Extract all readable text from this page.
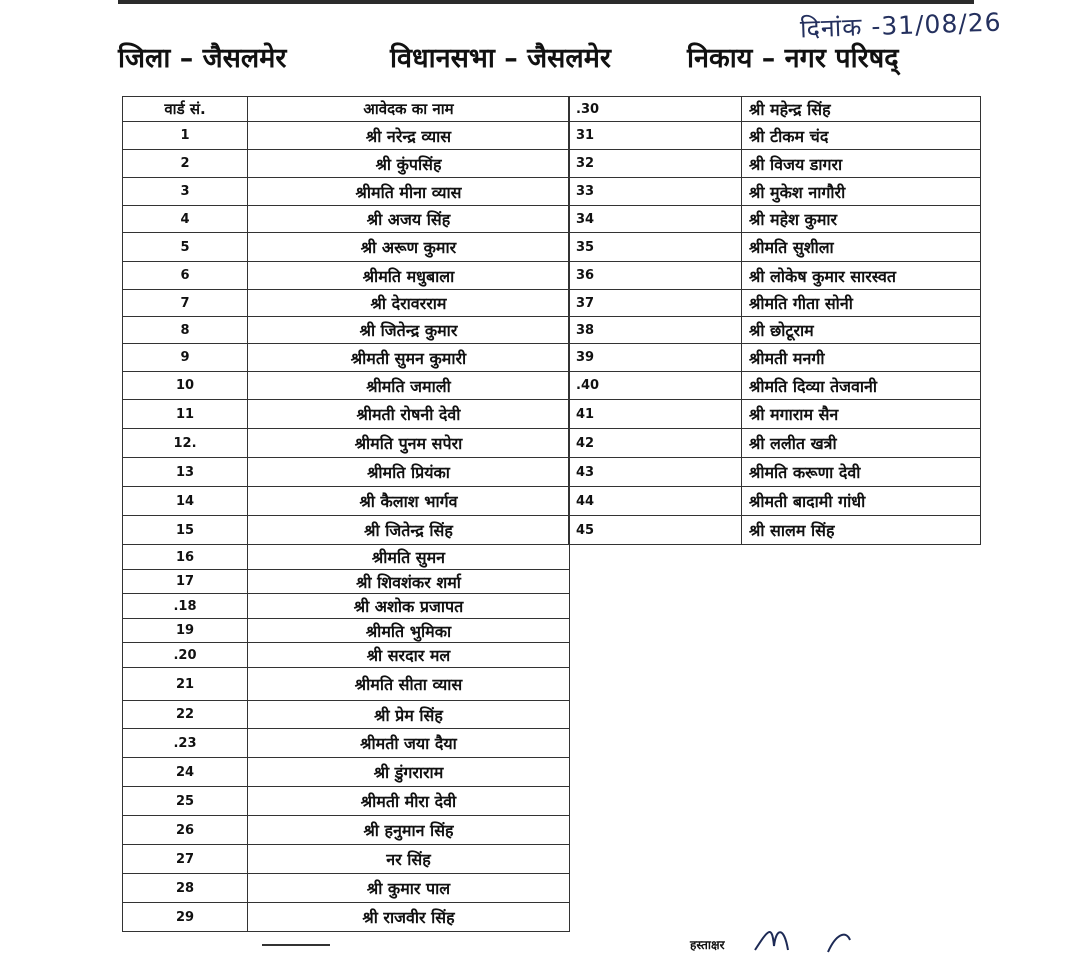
दिनांक -31/08/26
जिला – जैसलमेर	विधानसभा – जैसलमेर	निकाय – नगर परिषद्
वार्ड सं.	आवेदक का नाम
1	श्री नरेन्द्र व्यास
2	श्री कुंपसिंह
3	श्रीमति मीना व्यास
4	श्री अजय सिंह
5	श्री अरूण कुमार
6	श्रीमति मधुबाला
7	श्री देरावरराम
8	श्री जितेन्द्र कुमार
9	श्रीमती सुमन कुमारी
10	श्रीमति जमाली
11	श्रीमती रोषनी देवी
12.	श्रीमति पुनम सपेरा
13	श्रीमति प्रियंका
14	श्री कैलाश भार्गव
15	श्री जितेन्द्र सिंह
16	श्रीमति सुमन
17	श्री शिवशंकर शर्मा
.18	श्री अशोक प्रजापत
19	श्रीमति भुमिका
.20	श्री सरदार मल
21	श्रीमति सीता व्यास
22	श्री प्रेम सिंह
.23	श्रीमती जया दैया
24	श्री डुंगराराम
25	श्रीमती मीरा देवी
26	श्री हनुमान सिंह
27	नर सिंह
28	श्री कुमार पाल
29	श्री राजवीर सिंह
.30	श्री महेन्द्र सिंह
31	श्री टीकम चंद
32	श्री विजय डागरा
33	श्री मुकेश नागौरी
34	श्री महेश कुमार
35	श्रीमति सुशीला
36	श्री लोकेष कुमार सारस्वत
37	श्रीमति गीता सोनी
38	श्री छोटूराम
39	श्रीमती मनगी
.40	श्रीमति दिव्या तेजवानी
41	श्री मगाराम सैन
42	श्री ललीत खत्री
43	श्रीमति करूणा देवी
44	श्रीमती बादामी गांधी
45	श्री सालम सिंह
हस्ताक्षर
